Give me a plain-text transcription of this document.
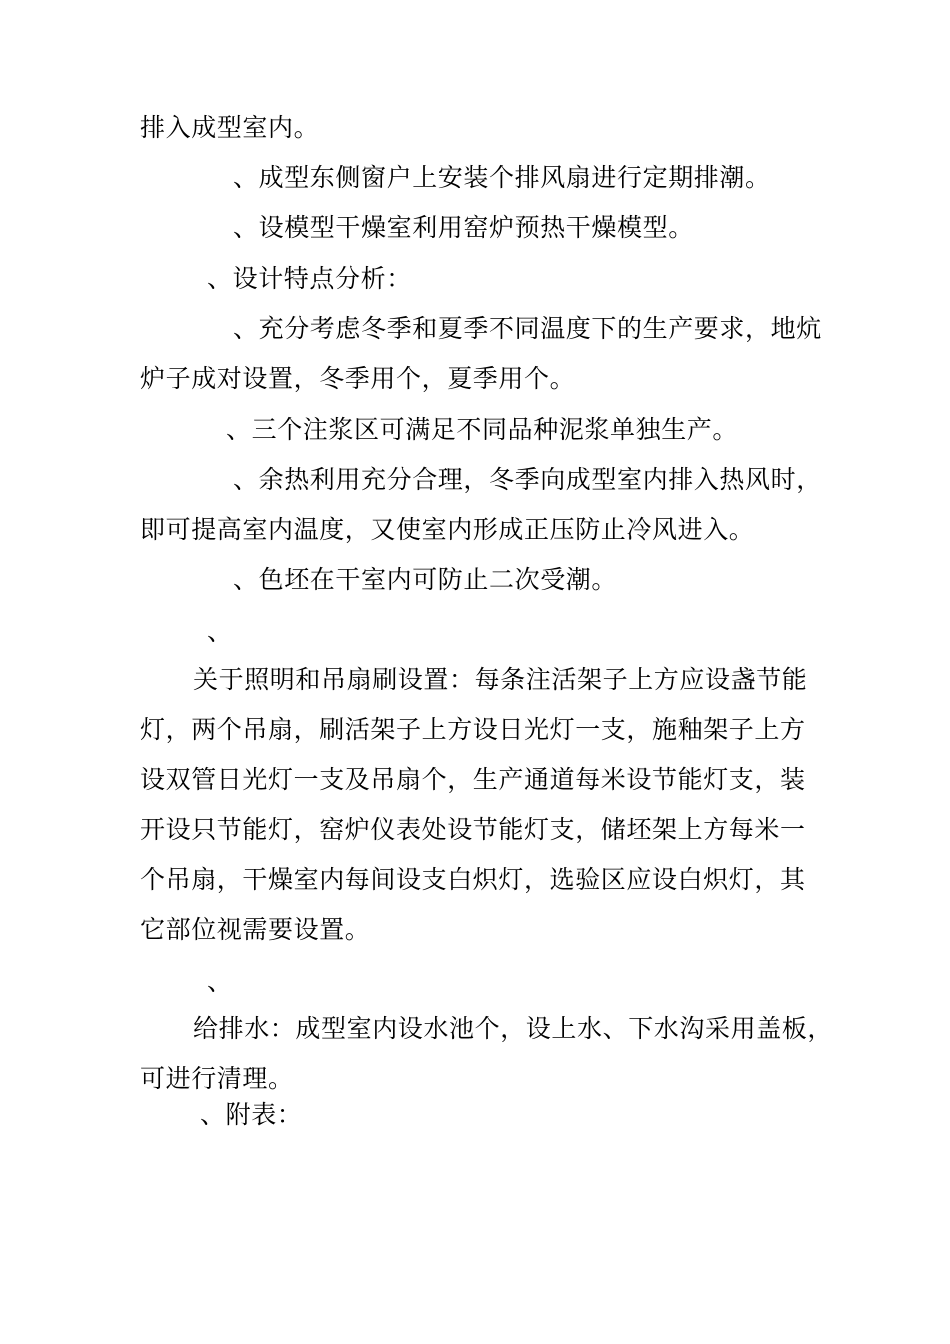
排入成型室内。
、成型东侧窗户上安装个排风扇进行定期排潮。
、设模型干燥室利用窑炉预热干燥模型。
、设计特点分析：
、充分考虑冬季和夏季不同温度下的生产要求，地炕
炉子成对设置，冬季用个，夏季用个。
、三个注浆区可满足不同品种泥浆单独生产。
、余热利用充分合理，冬季向成型室内排入热风时，
即可提高室内温度，又使室内形成正压防止冷风进入。
、色坯在干室内可防止二次受潮。
、
关于照明和吊扇刷设置：每条注活架子上方应设盏节能
灯，两个吊扇，刷活架子上方设日光灯一支，施釉架子上方
设双管日光灯一支及吊扇个，生产通道每米设节能灯支，装
开设只节能灯，窑炉仪表处设节能灯支，储坯架上方每米一
个吊扇，干燥室内每间设支白炽灯，选验区应设白炽灯，其
它部位视需要设置。
、
给排水：成型室内设水池个，设上水、下水沟采用盖板，
可进行清理。
、附表：
